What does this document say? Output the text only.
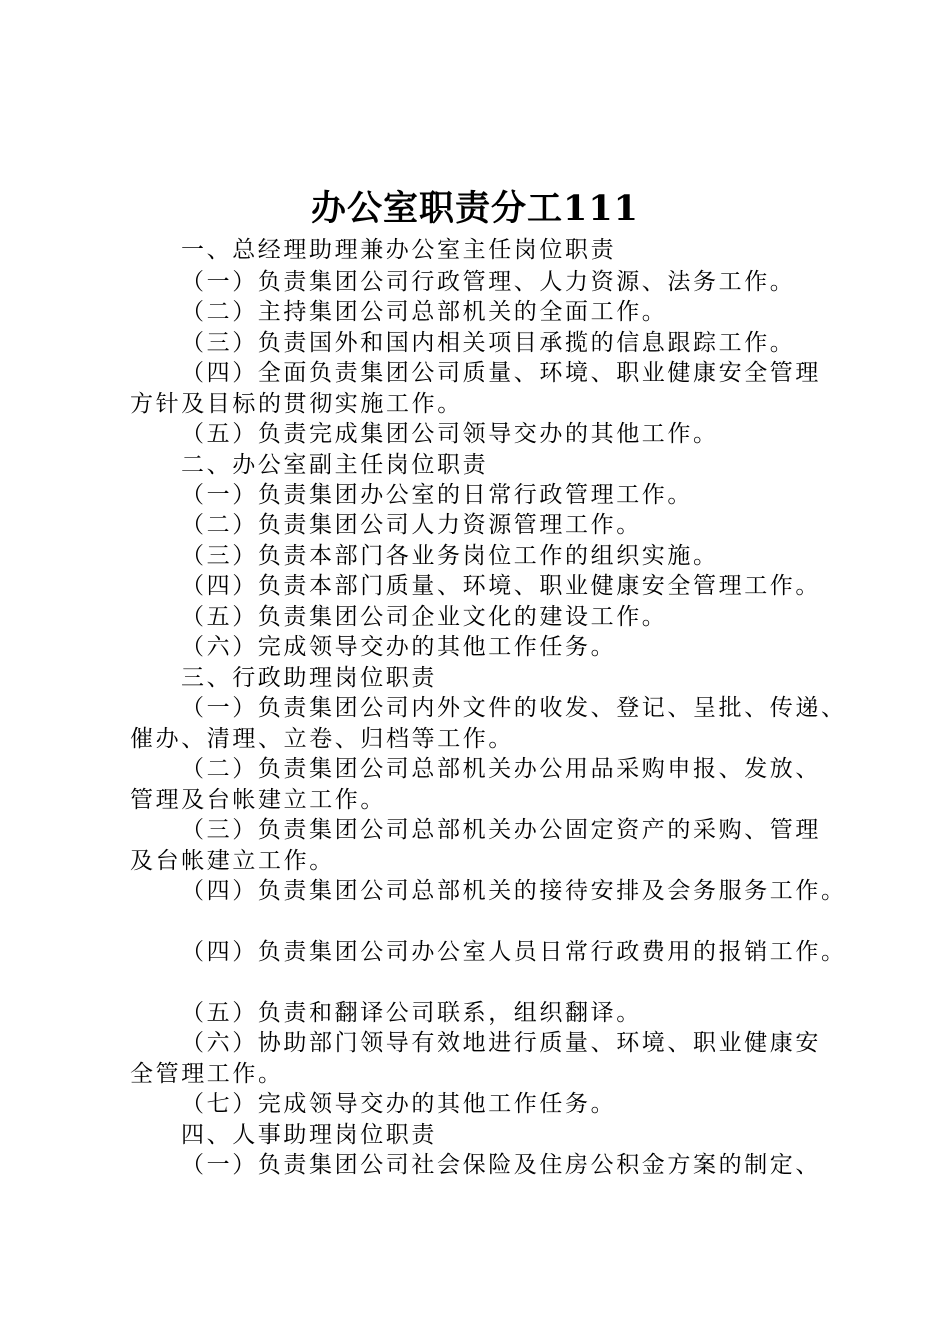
办公室职责分工111
一、总经理助理兼办公室主任岗位职责
（一）负责集团公司行政管理、人力资源、法务工作。
（二）主持集团公司总部机关的全面工作。
（三）负责国外和国内相关项目承揽的信息跟踪工作。
（四）全面负责集团公司质量、环境、职业健康安全管理
方针及目标的贯彻实施工作。
（五）负责完成集团公司领导交办的其他工作。
二、办公室副主任岗位职责
（一）负责集团办公室的日常行政管理工作。
（二）负责集团公司人力资源管理工作。
（三）负责本部门各业务岗位工作的组织实施。
（四）负责本部门质量、环境、职业健康安全管理工作。
（五）负责集团公司企业文化的建设工作。
（六）完成领导交办的其他工作任务。
三、行政助理岗位职责
（一）负责集团公司内外文件的收发、登记、呈批、传递、
催办、清理、立卷、归档等工作。
（二）负责集团公司总部机关办公用品采购申报、发放、
管理及台帐建立工作。
（三）负责集团公司总部机关办公固定资产的采购、管理
及台帐建立工作。
（四）负责集团公司总部机关的接待安排及会务服务工作。
（四）负责集团公司办公室人员日常行政费用的报销工作。
（五）负责和翻译公司联系，组织翻译。
（六）协助部门领导有效地进行质量、环境、职业健康安
全管理工作。
（七）完成领导交办的其他工作任务。
四、人事助理岗位职责
（一）负责集团公司社会保险及住房公积金方案的制定、
